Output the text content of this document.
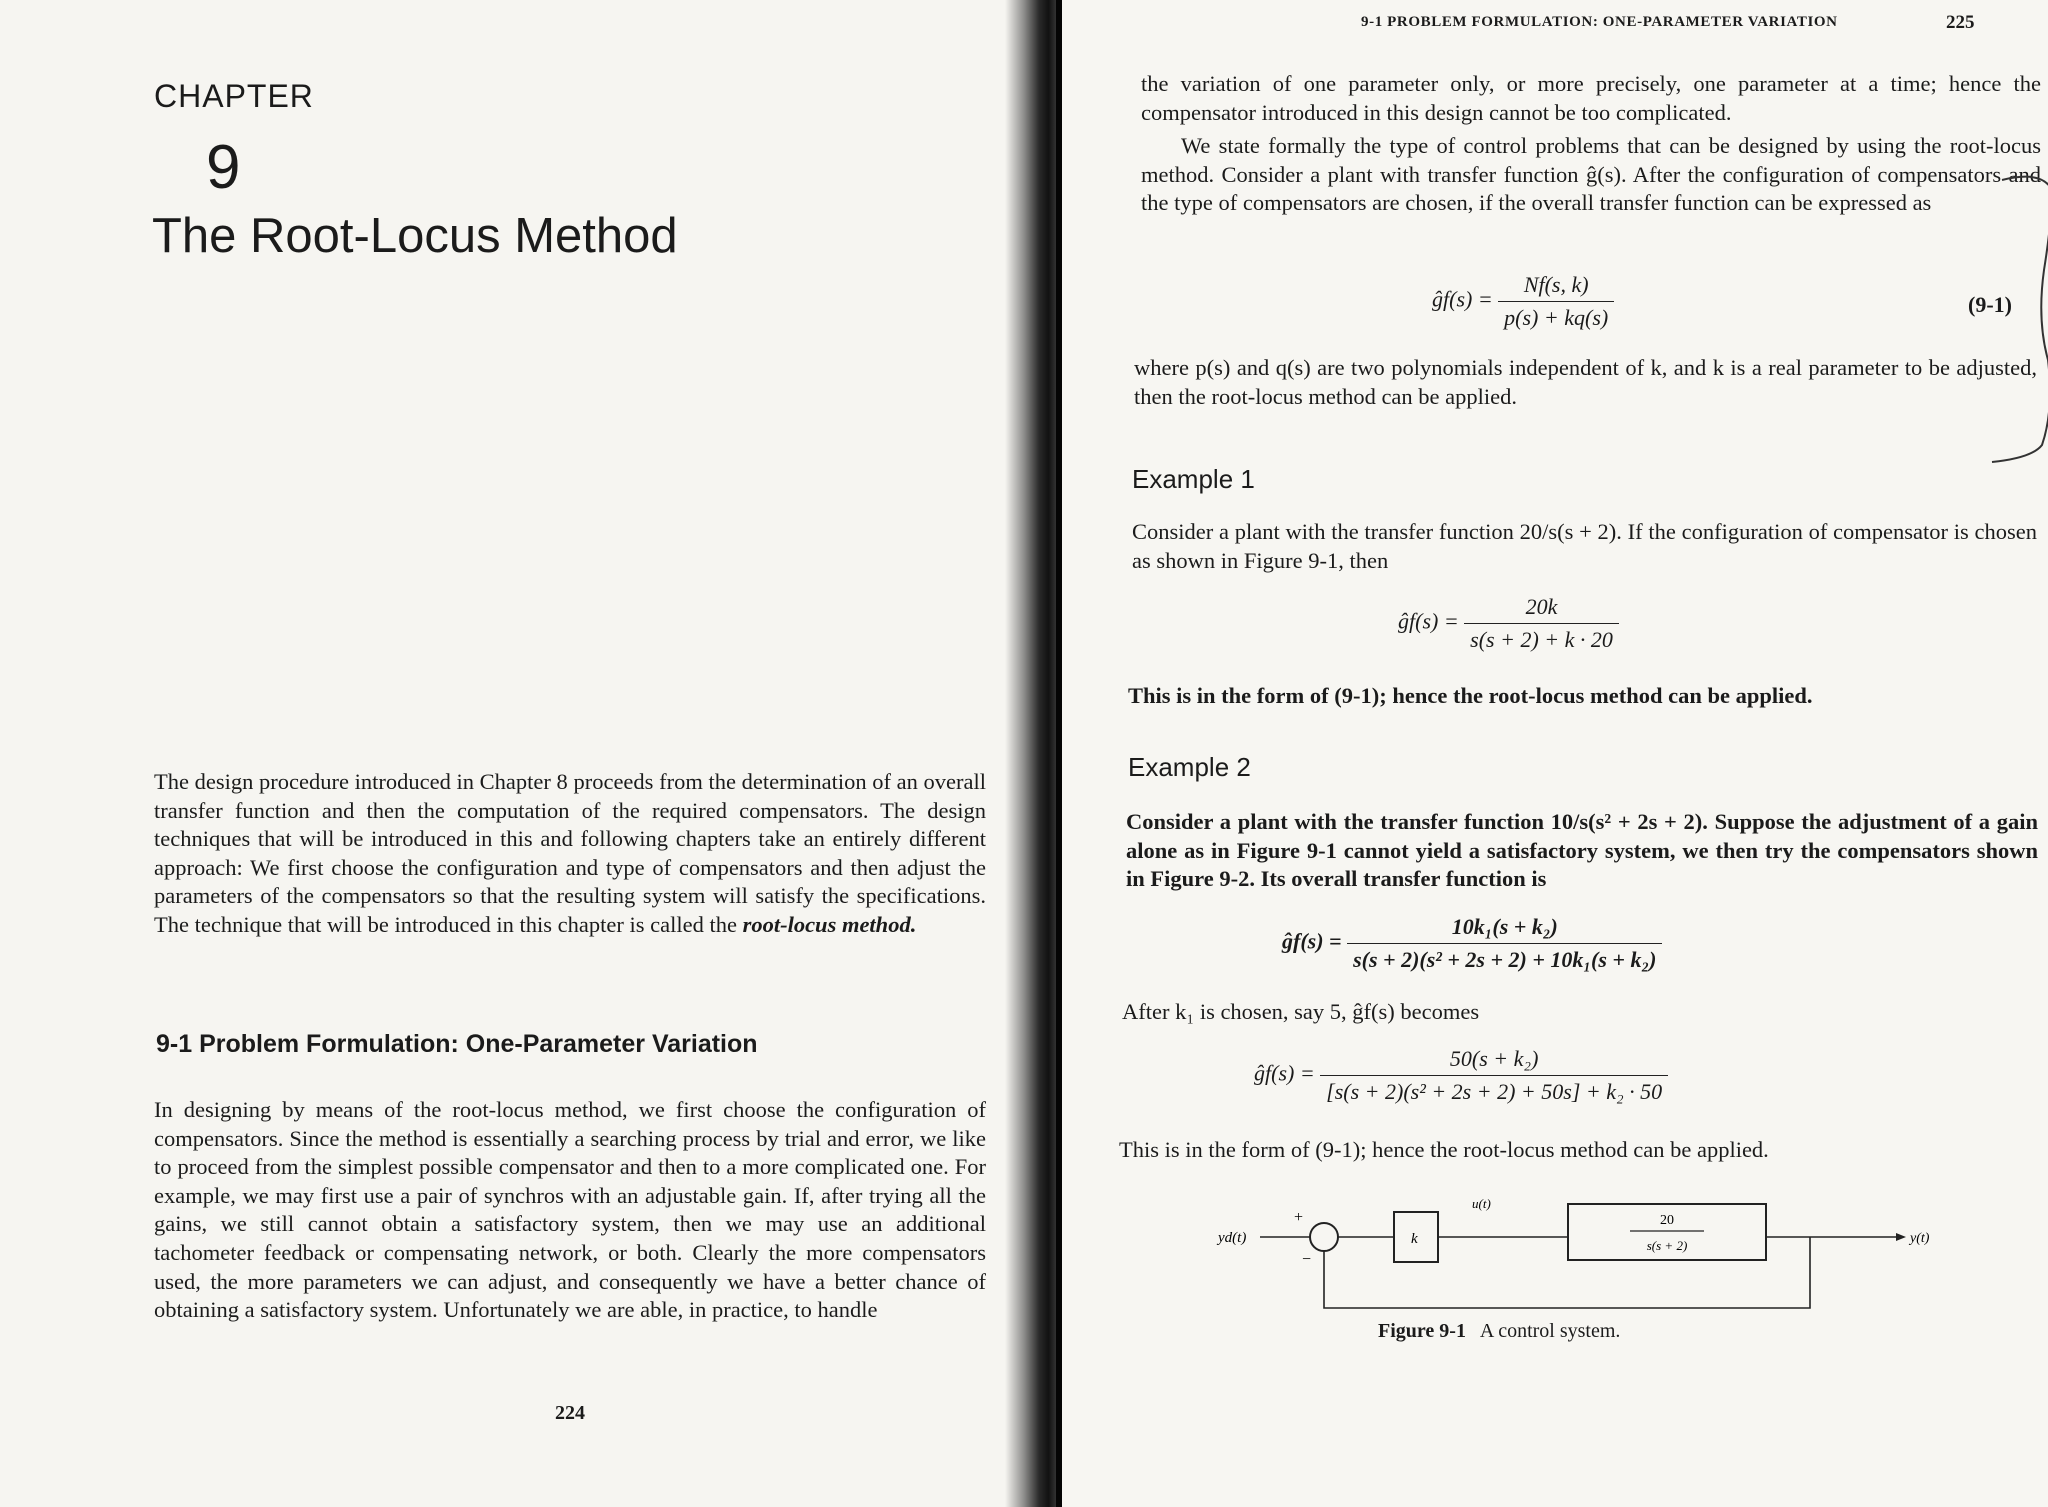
CHAPTER
9
The Root-Locus Method
The design procedure introduced in Chapter 8 proceeds from the determination of an overall transfer function and then the computation of the required compensators. The design techniques that will be introduced in this and following chapters take an entirely different approach: We first choose the configuration and type of compensators and then adjust the parameters of the compensators so that the resulting system will satisfy the specifications. The technique that will be introduced in this chapter is called the root-locus method.
9-1 Problem Formulation: One-Parameter Variation
In designing by means of the root-locus method, we first choose the configuration of compensators. Since the method is essentially a searching process by trial and error, we like to proceed from the simplest possible compensator and then to a more complicated one. For example, we may first use a pair of synchros with an adjustable gain. If, after trying all the gains, we still cannot obtain a satisfactory system, then we may use an additional tachometer feedback or compensating network, or both. Clearly the more compensators used, the more parameters we can adjust, and consequently we have a better chance of obtaining a satisfactory system. Unfortunately we are able, in practice, to handle
224
9-1 PROBLEM FORMULATION: ONE-PARAMETER VARIATION	225
the variation of one parameter only, or more precisely, one parameter at a time; hence the compensator introduced in this design cannot be too complicated.
We state formally the type of control problems that can be designed by using the root-locus method. Consider a plant with transfer function ĝ(s). After the configuration of compensators and the type of compensators are chosen, if the overall transfer function can be expressed as
ĝf(s) = $\frac{Nf(s, k)}{p(s) + kq(s)}$	(9-1)
where p(s) and q(s) are two polynomials independent of k, and k is a real parameter to be adjusted, then the root-locus method can be applied.
Example 1
Consider a plant with the transfer function 20/s(s + 2). If the configuration of compensator is chosen as shown in Figure 9-1, then
ĝf(s) = $\frac{20k}{s(s + 2) + k \cdot 20}$
This is in the form of (9-1); hence the root-locus method can be applied.
Example 2
Consider a plant with the transfer function 10/s(s² + 2s + 2). Suppose the adjustment of a gain alone as in Figure 9-1 cannot yield a satisfactory system, we then try the compensators shown in Figure 9-2. Its overall transfer function is
ĝf(s) = $\frac{\text{10k₁(s + k₂)}}{\text{s(s + 2)(s² + 2s + 2) + 10k₁(s + k₂)}}$
After k₁ is chosen, say 5, ĝf(s) becomes
ĝf(s) = $\frac{\text{50(s + k₂)}}{\text{[s(s + 2)(s² + 2s + 2) + 50s] + k₂ · 50}}$
This is in the form of (9-1); hence the root-locus method can be applied.
yd(t)
+
−
k
u(t)
20
s(s + 2)	y(t)
Figure 9-1 A control system.
